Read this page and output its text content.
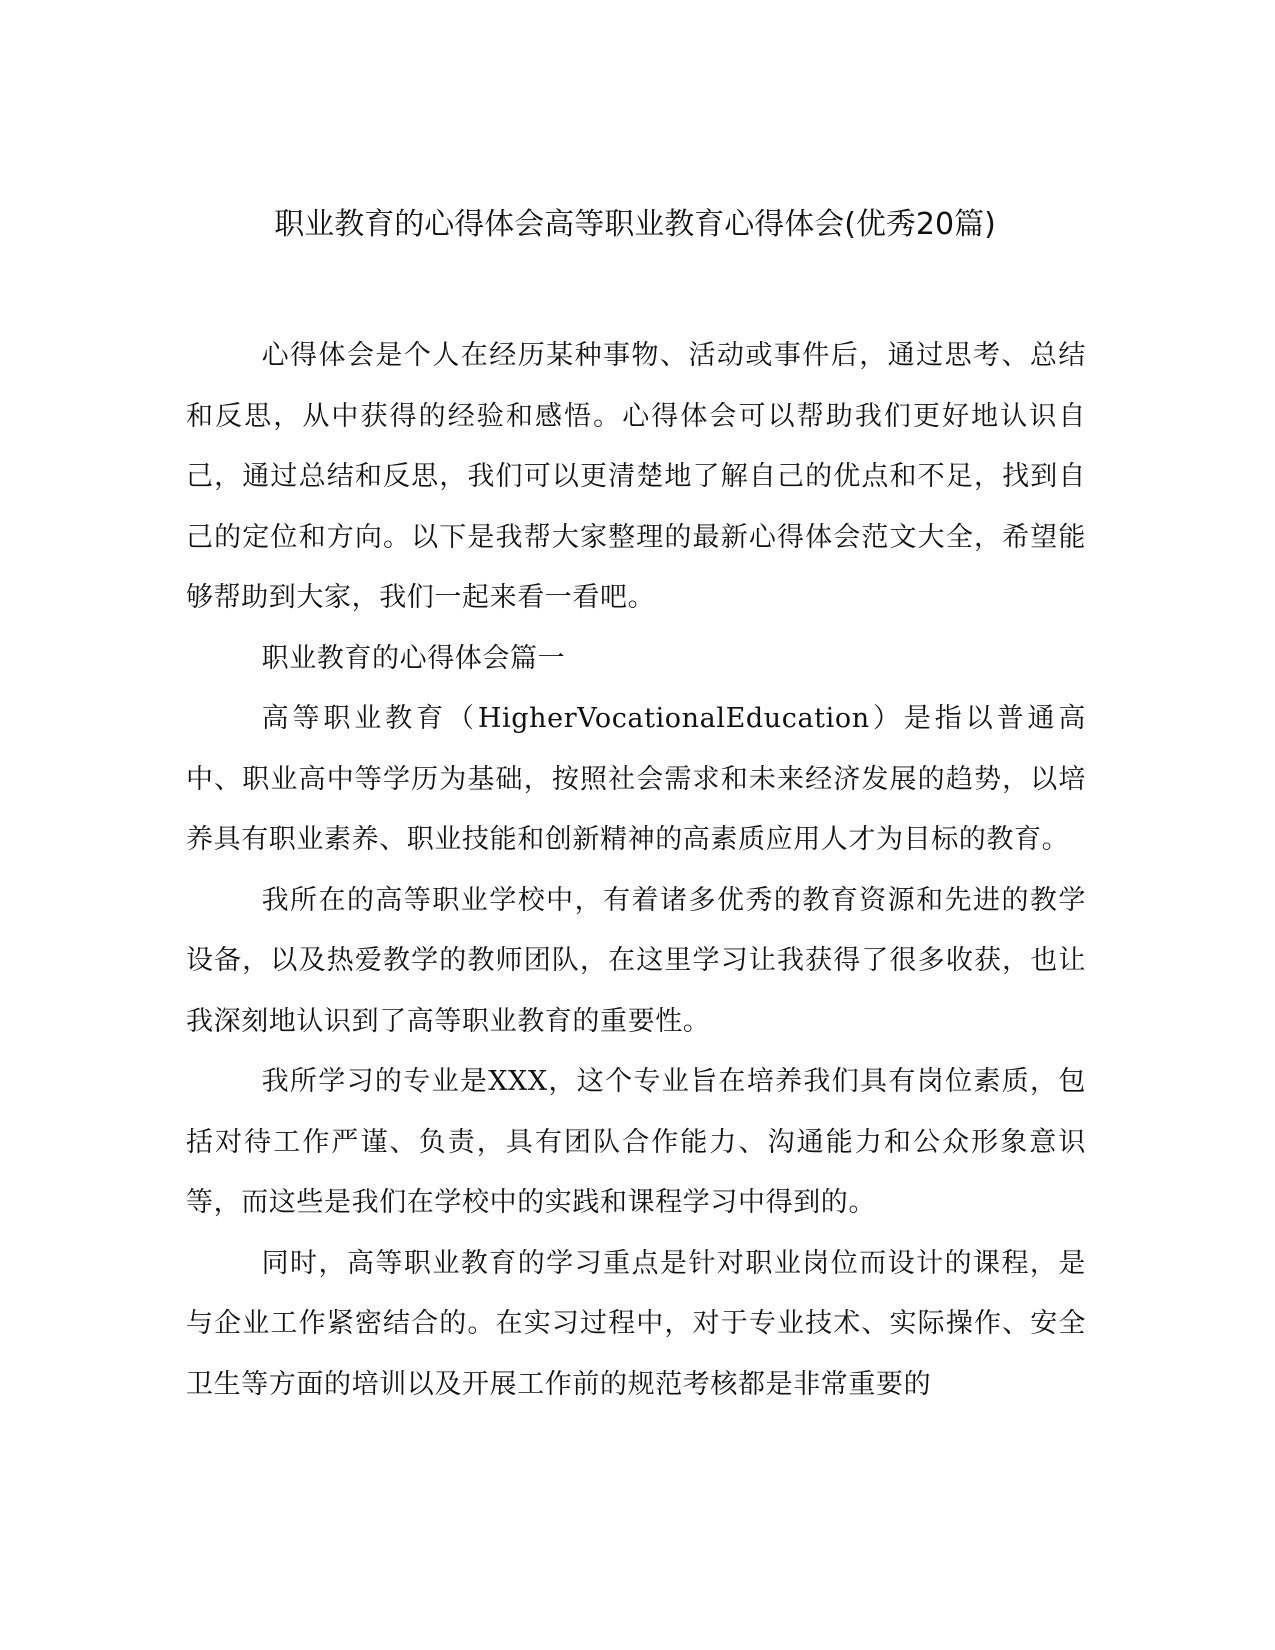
职业教育的心得体会高等职业教育心得体会(优秀20篇)

心得体会是个人在经历某种事物、活动或事件后，通过思考、总结和反思，从中获得的经验和感悟。心得体会可以帮助我们更好地认识自己，通过总结和反思，我们可以更清楚地了解自己的优点和不足，找到自己的定位和方向。以下是我帮大家整理的最新心得体会范文大全，希望能够帮助到大家，我们一起来看一看吧。

职业教育的心得体会篇一

高等职业教育（HigherVocationalEducation）是指以普通高中、职业高中等学历为基础，按照社会需求和未来经济发展的趋势，以培养具有职业素养、职业技能和创新精神的高素质应用人才为目标的教育。

我所在的高等职业学校中，有着诸多优秀的教育资源和先进的教学设备，以及热爱教学的教师团队，在这里学习让我获得了很多收获，也让我深刻地认识到了高等职业教育的重要性。

我所学习的专业是XXX，这个专业旨在培养我们具有岗位素质，包括对待工作严谨、负责，具有团队合作能力、沟通能力和公众形象意识等，而这些是我们在学校中的实践和课程学习中得到的。

同时，高等职业教育的学习重点是针对职业岗位而设计的课程，是与企业工作紧密结合的。在实习过程中，对于专业技术、实际操作、安全卫生等方面的培训以及开展工作前的规范考核都是非常重要的
